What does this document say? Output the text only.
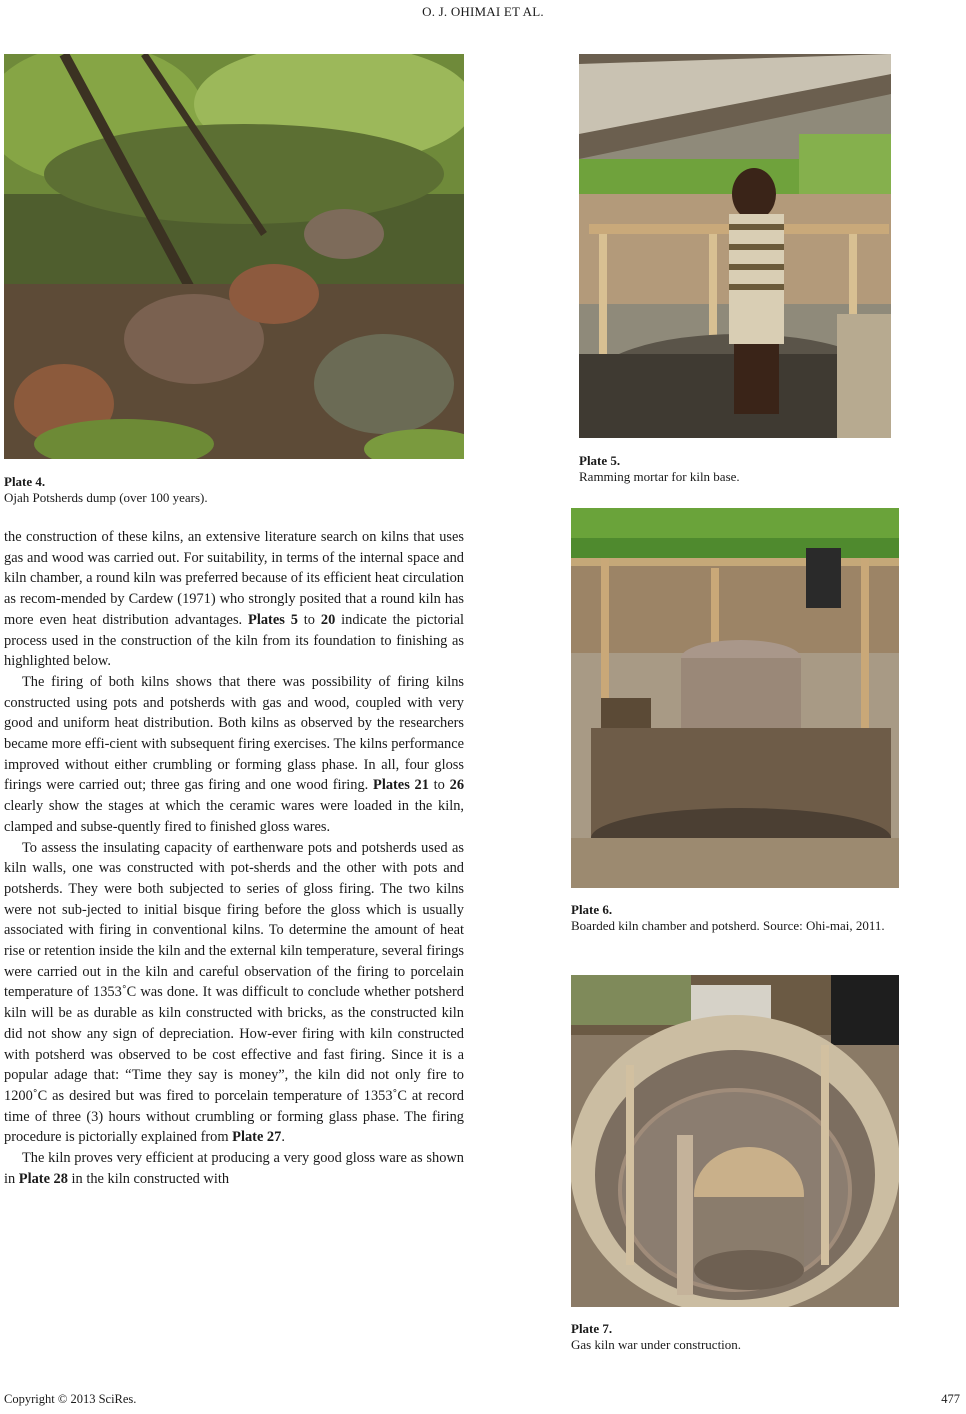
O. J. OHIMAI ET AL.
Plate 4.
Ojah Potsherds dump (over 100 years).
Plate 5.
Ramming mortar for kiln base.
Plate 6.
Boarded kiln chamber and potsherd. Source: Ohi-mai, 2011.
Plate 7.
Gas kiln war under construction.

the construction of these kilns, an extensive literature search on kilns that uses gas and wood was carried out. For suitability, in terms of the internal space and kiln chamber, a round kiln was preferred because of its efficient heat circulation as recom-mended by Cardew (1971) who strongly posited that a round kiln has more even heat distribution advantages. Plates 5 to 20 indicate the pictorial process used in the construction of the kiln from its foundation to finishing as highlighted below.

The firing of both kilns shows that there was possibility of firing kilns constructed using pots and potsherds with gas and wood, coupled with very good and uniform heat distribution. Both kilns as observed by the researchers became more effi-cient with subsequent firing exercises. The kilns performance improved without either crumbling or forming glass phase. In all, four gloss firings were carried out; three gas firing and one wood firing. Plates 21 to 26 clearly show the stages at which the ceramic wares were loaded in the kiln, clamped and subse-quently fired to finished gloss wares.

To assess the insulating capacity of earthenware pots and potsherds used as kiln walls, one was constructed with pot-sherds and the other with pots and potsherds. They were both subjected to series of gloss firing. The two kilns were not sub-jected to initial bisque firing before the gloss which is usually associated with firing in conventional kilns. To determine the amount of heat rise or retention inside the kiln and the external kiln temperature, several firings were carried out in the kiln and careful observation of the firing to porcelain temperature of 1353˚C was done. It was difficult to conclude whether potsherd kiln will be as durable as kiln constructed with bricks, as the constructed kiln did not show any sign of depreciation. How-ever firing with kiln constructed with potsherd was observed to be cost effective and fast firing. Since it is a popular adage that: “Time they say is money”, the kiln did not only fire to 1200˚C as desired but was fired to porcelain temperature of 1353˚C at record time of three (3) hours without crumbling or forming glass phase. The firing procedure is pictorially explained from Plate 27.

The kiln proves very efficient at producing a very good gloss ware as shown in Plate 28 in the kiln constructed with

Copyright © 2013 SciRes.	477
